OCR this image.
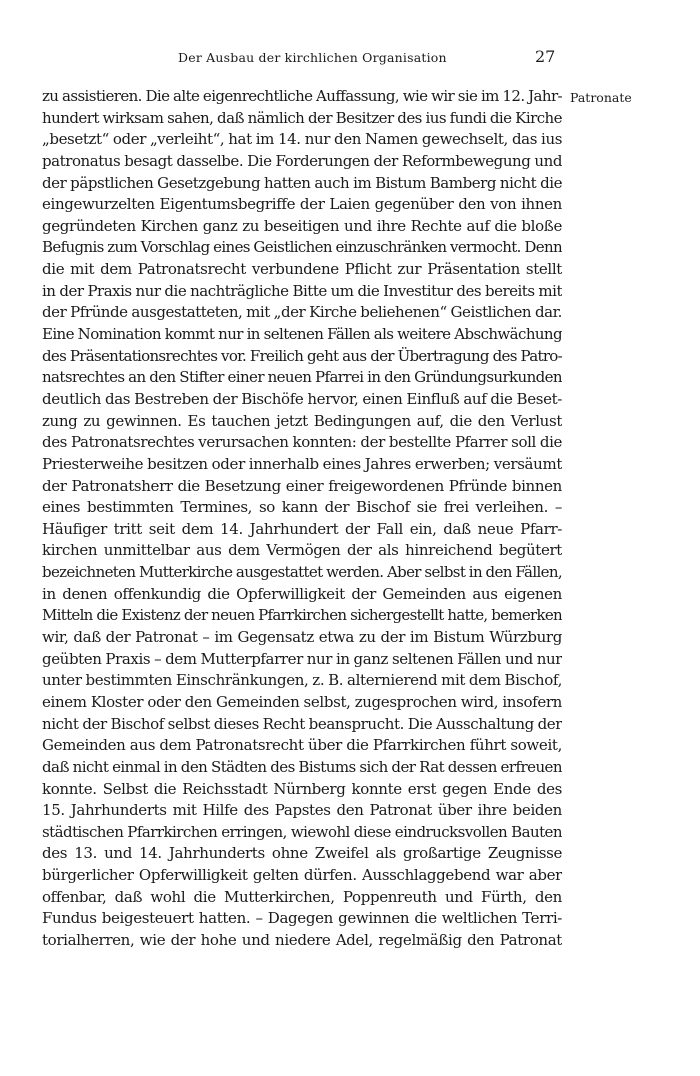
Der Ausbau der kirchlichen Organisation	27
Patronate
zu assistieren. Die alte eigenrechtliche Auffassung, wie wir sie im 12. Jahr-
hundert wirksam sahen, daß nämlich der Besitzer des ius fundi die Kirche
„besetzt“ oder „verleiht“, hat im 14. nur den Namen gewechselt, das ius
patronatus besagt dasselbe. Die Forderungen der Reformbewegung und
der päpstlichen Gesetzgebung hatten auch im Bistum Bamberg nicht die
eingewurzelten Eigentumsbegriffe der Laien gegenüber den von ihnen
gegründeten Kirchen ganz zu beseitigen und ihre Rechte auf die bloße
Befugnis zum Vorschlag eines Geistlichen einzuschränken vermocht. Denn
die mit dem Patronatsrecht verbundene Pflicht zur Präsentation stellt
in der Praxis nur die nachträgliche Bitte um die Investitur des bereits mit
der Pfründe ausgestatteten, mit „der Kirche beliehenen“ Geistlichen dar.
Eine Nomination kommt nur in seltenen Fällen als weitere Abschwächung
des Präsentationsrechtes vor. Freilich geht aus der Übertragung des Patro-
natsrechtes an den Stifter einer neuen Pfarrei in den Gründungsurkunden
deutlich das Bestreben der Bischöfe hervor, einen Einfluß auf die Beset-
zung zu gewinnen. Es tauchen jetzt Bedingungen auf, die den Verlust
des Patronatsrechtes verursachen konnten: der bestellte Pfarrer soll die
Priesterweihe besitzen oder innerhalb eines Jahres erwerben; versäumt
der Patronatsherr die Besetzung einer freigewordenen Pfründe binnen
eines bestimmten Termines, so kann der Bischof sie frei verleihen. –
Häufiger tritt seit dem 14. Jahrhundert der Fall ein, daß neue Pfarr-
kirchen unmittelbar aus dem Vermögen der als hinreichend begütert
bezeichneten Mutterkirche ausgestattet werden. Aber selbst in den Fällen,
in denen offenkundig die Opferwilligkeit der Gemeinden aus eigenen
Mitteln die Existenz der neuen Pfarrkirchen sichergestellt hatte, bemerken
wir, daß der Patronat – im Gegensatz etwa zu der im Bistum Würzburg
geübten Praxis – dem Mutterpfarrer nur in ganz seltenen Fällen und nur
unter bestimmten Einschränkungen, z. B. alternierend mit dem Bischof,
einem Kloster oder den Gemeinden selbst, zugesprochen wird, insofern
nicht der Bischof selbst dieses Recht beansprucht. Die Ausschaltung der
Gemeinden aus dem Patronatsrecht über die Pfarrkirchen führt soweit,
daß nicht einmal in den Städten des Bistums sich der Rat dessen erfreuen
konnte. Selbst die Reichsstadt Nürnberg konnte erst gegen Ende des
15. Jahrhunderts mit Hilfe des Papstes den Patronat über ihre beiden
städtischen Pfarrkirchen erringen, wiewohl diese eindrucksvollen Bauten
des 13. und 14. Jahrhunderts ohne Zweifel als großartige Zeugnisse
bürgerlicher Opferwilligkeit gelten dürfen. Ausschlaggebend war aber
offenbar, daß wohl die Mutterkirchen, Poppenreuth und Fürth, den
Fundus beigesteuert hatten. – Dagegen gewinnen die weltlichen Terri-
torialherren, wie der hohe und niedere Adel, regelmäßig den Patronat
